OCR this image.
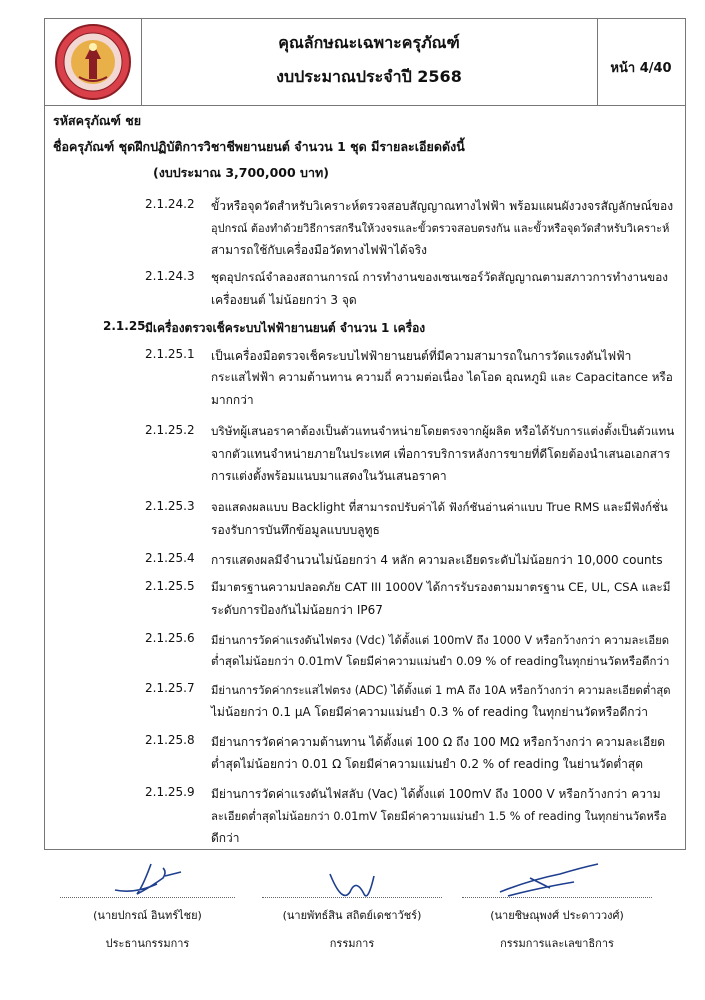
คุณลักษณะเฉพาะครุภัณฑ์
งบประมาณประจำปี 2568	หน้า 4/40
รหัสครุภัณฑ์ ชย
ชื่อครุภัณฑ์ ชุดฝึกปฏิบัติการวิชาชีพยานยนต์ จำนวน 1 ชุด มีรายละเอียดดังนี้
(งบประมาณ 3,700,000 บาท)
2.1.24.2 ขั้วหรือจุดวัดสำหรับวิเคราะห์ตรวจสอบสัญญาณทางไฟฟ้า พร้อมแผนผังวงจรสัญลักษณ์ของ
อุปกรณ์ ต้องทำด้วยวิธีการสกรีนให้วงจรและขั้วตรวจสอบตรงกัน และขั้วหรือจุดวัดสำหรับวิเคราะห์
สามารถใช้กับเครื่องมือวัดทางไฟฟ้าได้จริง
2.1.24.3 ชุดอุปกรณ์จำลองสถานการณ์ การทำงานของเซนเซอร์วัดสัญญาณตามสภาวการทำงานของ
เครื่องยนต์ ไม่น้อยกว่า 3 จุด
2.1.25 มีเครื่องตรวจเช็คระบบไฟฟ้ายานยนต์ จำนวน 1 เครื่อง
2.1.25.1 เป็นเครื่องมือตรวจเช็คระบบไฟฟ้ายานยนต์ที่มีความสามารถในการวัดแรงดันไฟฟ้า
กระแสไฟฟ้า ความต้านทาน ความถี่ ความต่อเนื่อง ไดโอด อุณหภูมิ และ Capacitance หรือ
มากกว่า
2.1.25.2 บริษัทผู้เสนอราคาต้องเป็นตัวแทนจำหน่ายโดยตรงจากผู้ผลิต หรือได้รับการแต่งตั้งเป็นตัวแทน
จากตัวแทนจำหน่ายภายในประเทศ เพื่อการบริการหลังการขายที่ดีโดยต้องนำเสนอเอกสาร
การแต่งตั้งพร้อมแนบมาแสดงในวันเสนอราคา
2.1.25.3 จอแสดงผลแบบ Backlight ที่สามารถปรับค่าได้ ฟังก์ชันอ่านค่าแบบ True RMS และมีฟังก์ชั่น
รองรับการบันทึกข้อมูลแบบบลูทูธ
2.1.25.4 การแสดงผลมีจำนวนไม่น้อยกว่า 4 หลัก ความละเอียดระดับไม่น้อยกว่า 10,000 counts
2.1.25.5 มีมาตรฐานความปลอดภัย CAT III 1000V ได้การรับรองตามมาตรฐาน CE, UL, CSA และมี
ระดับการป้องกันไม่น้อยกว่า IP67
2.1.25.6 มีย่านการวัดค่าแรงดันไฟตรง (Vdc) ได้ตั้งแต่ 100mV ถึง 1000 V หรือกว้างกว่า ความละเอียด
ต่ำสุดไม่น้อยกว่า 0.01mV โดยมีค่าความแม่นยำ 0.09 % of readingในทุกย่านวัดหรือดีกว่า
2.1.25.7 มีย่านการวัดค่ากระแสไฟตรง (ADC) ได้ตั้งแต่ 1 mA ถึง 10A หรือกว้างกว่า ความละเอียดต่ำสุด
ไม่น้อยกว่า 0.1 μA โดยมีค่าความแม่นยำ 0.3 % of reading ในทุกย่านวัดหรือดีกว่า
2.1.25.8 มีย่านการวัดค่าความต้านทาน ได้ตั้งแต่ 100 Ω ถึง 100 MΩ หรือกว้างกว่า ความละเอียด
ต่ำสุดไม่น้อยกว่า 0.01 Ω โดยมีค่าความแม่นยำ 0.2 % of reading ในย่านวัดต่ำสุด
2.1.25.9 มีย่านการวัดค่าแรงดันไฟสลับ (Vac) ได้ตั้งแต่ 100mV ถึง 1000 V หรือกว้างกว่า ความ
ละเอียดต่ำสุดไม่น้อยกว่า 0.01mV โดยมีค่าความแม่นยำ 1.5 % of reading ในทุกย่านวัดหรือ
ดีกว่า
(นายปกรณ์ อินทร์ไชย)
ประธานกรรมการ
(นายพัทธ์สิน สถิตย์เดชาวัชร์)
กรรมการ
(นายชิษณุพงศ์ ประดาววงศ์)
กรรมการและเลขาธิการ
